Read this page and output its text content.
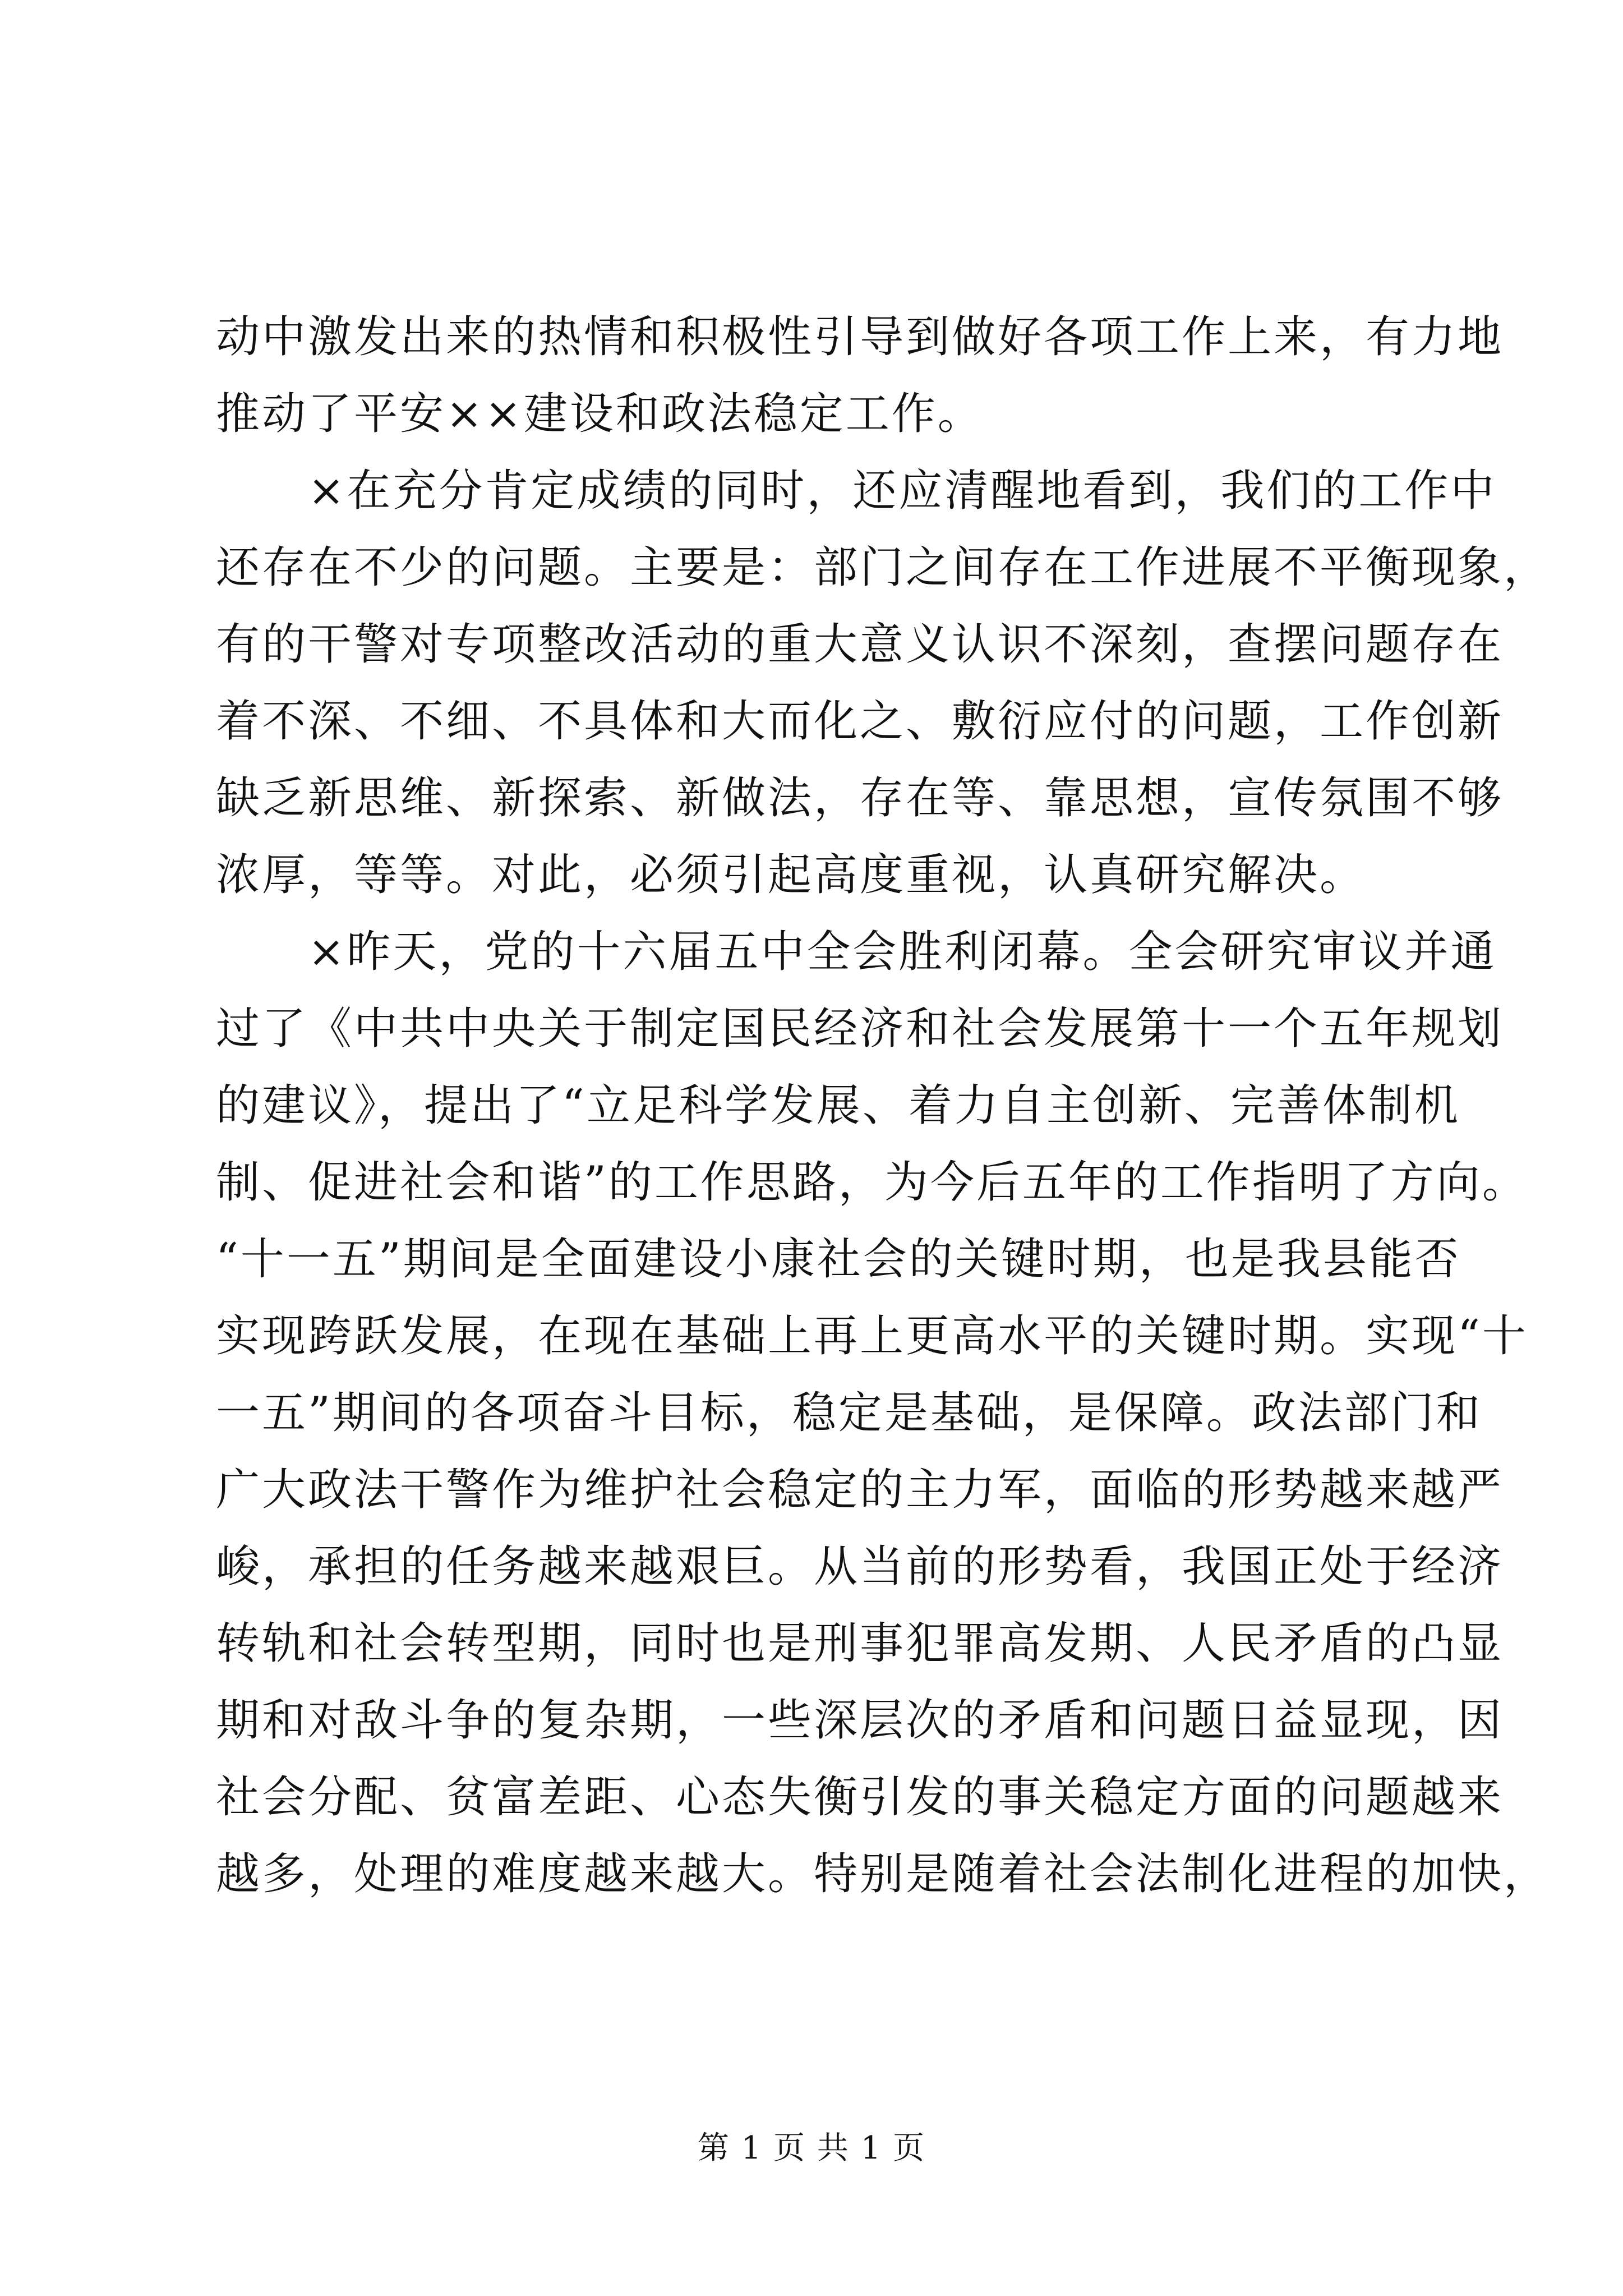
动中激发出来的热情和积极性引导到做好各项工作上来，有力地
推动了平安××建设和政法稳定工作。
×在充分肯定成绩的同时，还应清醒地看到，我们的工作中
还存在不少的问题。主要是：部门之间存在工作进展不平衡现象，
有的干警对专项整改活动的重大意义认识不深刻，查摆问题存在
着不深、不细、不具体和大而化之、敷衍应付的问题，工作创新
缺乏新思维、新探索、新做法，存在等、靠思想，宣传氛围不够
浓厚，等等。对此，必须引起高度重视，认真研究解决。
×昨天，党的十六届五中全会胜利闭幕。全会研究审议并通
过了《中共中央关于制定国民经济和社会发展第十一个五年规划
的建议》，提出了“立足科学发展、着力自主创新、完善体制机
制、促进社会和谐”的工作思路，为今后五年的工作指明了方向。
“十一五”期间是全面建设小康社会的关键时期，也是我县能否
实现跨跃发展，在现在基础上再上更高水平的关键时期。实现“十
一五”期间的各项奋斗目标，稳定是基础，是保障。政法部门和
广大政法干警作为维护社会稳定的主力军，面临的形势越来越严
峻，承担的任务越来越艰巨。从当前的形势看，我国正处于经济
转轨和社会转型期，同时也是刑事犯罪高发期、人民矛盾的凸显
期和对敌斗争的复杂期，一些深层次的矛盾和问题日益显现，因
社会分配、贫富差距、心态失衡引发的事关稳定方面的问题越来
越多，处理的难度越来越大。特别是随着社会法制化进程的加快，
第 1 页 共 1 页
